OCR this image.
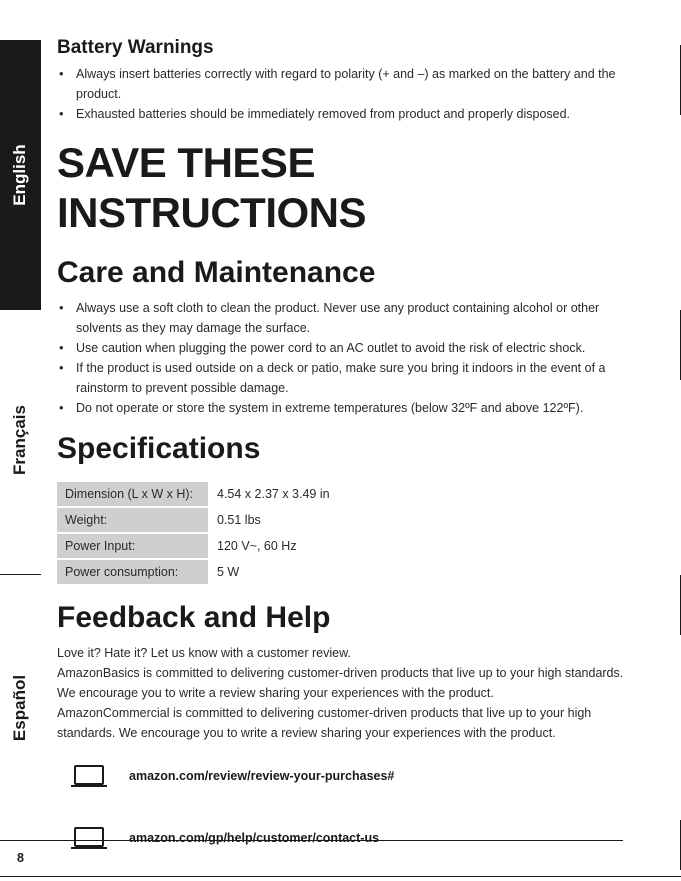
English
Français
Español
Battery Warnings
• Always insert batteries correctly with regard to polarity (+ and –) as marked on the battery and the product.
• Exhausted batteries should be immediately removed from product and properly disposed.
SAVE THESE INSTRUCTIONS
Care and Maintenance
• Always use a soft cloth to clean the product. Never use any product containing alcohol or other solvents as they may damage the surface.
• Use caution when plugging the power cord to an AC outlet to avoid the risk of electric shock.
• If the product is used outside on a deck or patio, make sure you bring it indoors in the event of a rainstorm to prevent possible damage.
• Do not operate or store the system in extreme temperatures (below 32ºF and above 122ºF).
Specifications
Dimension (L x W x H):	4.54 x 2.37 x 3.49 in
Weight:	0.51 lbs
Power Input:	120 V~, 60 Hz
Power consumption:	5 W
Feedback and Help
Love it? Hate it? Let us know with a customer review.
AmazonBasics is committed to delivering customer-driven products that live up to your high standards. We encourage you to write a review sharing your experiences with the product.
AmazonCommercial is committed to delivering customer-driven products that live up to your high standards. We encourage you to write a review sharing your experiences with the product.
amazon.com/review/review-your-purchases#
amazon.com/gp/help/customer/contact-us
8
